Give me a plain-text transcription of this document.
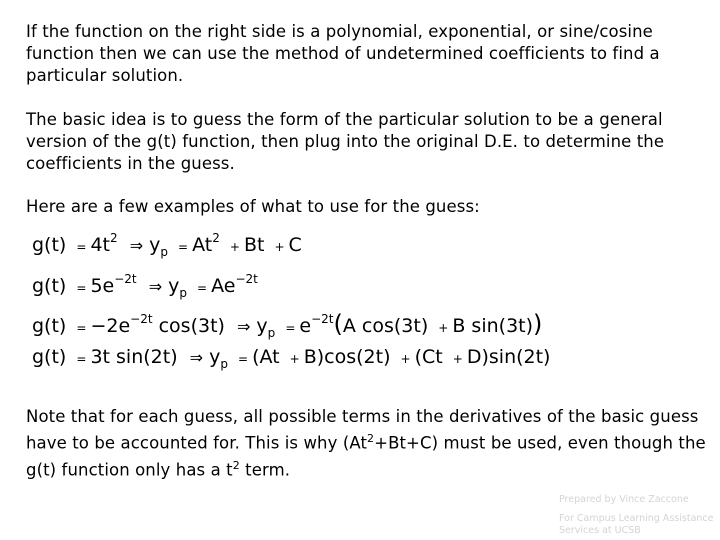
If the function on the right side is a polynomial, exponential, or sine/cosine function then we can use the method of undetermined coefficients to find a particular solution.

The basic idea is to guess the form of the particular solution to be a general version of the g(t) function, then plug into the original D.E. to determine the coefficients in the guess.

Here are a few examples of what to use for the guess:

$g(t) = 4t^2$ ⇒ $y_p = At^2 + Bt + C$
$g(t) = 5e^{-2t}$ ⇒ $y_p = Ae^{-2t}$
$g(t) = -2e^{-2t}$ cos(3t) ⇒ $y_p = e^{-2t}(A$ cos(3t) + B sin(3t))
g(t) = 3t sin(2t) ⇒ $y_p = (At + B)\cos(2t) + (Ct + D)\sin(2t)$

Note that for each guess, all possible terms in the derivatives of the basic guess have to be accounted for. This is why $(At^2+Bt+C)$ must be used, even though the g(t) function only has a $t^2$ term.

Prepared by Vince Zaccone
For Campus Learning Assistance Services at UCSB
